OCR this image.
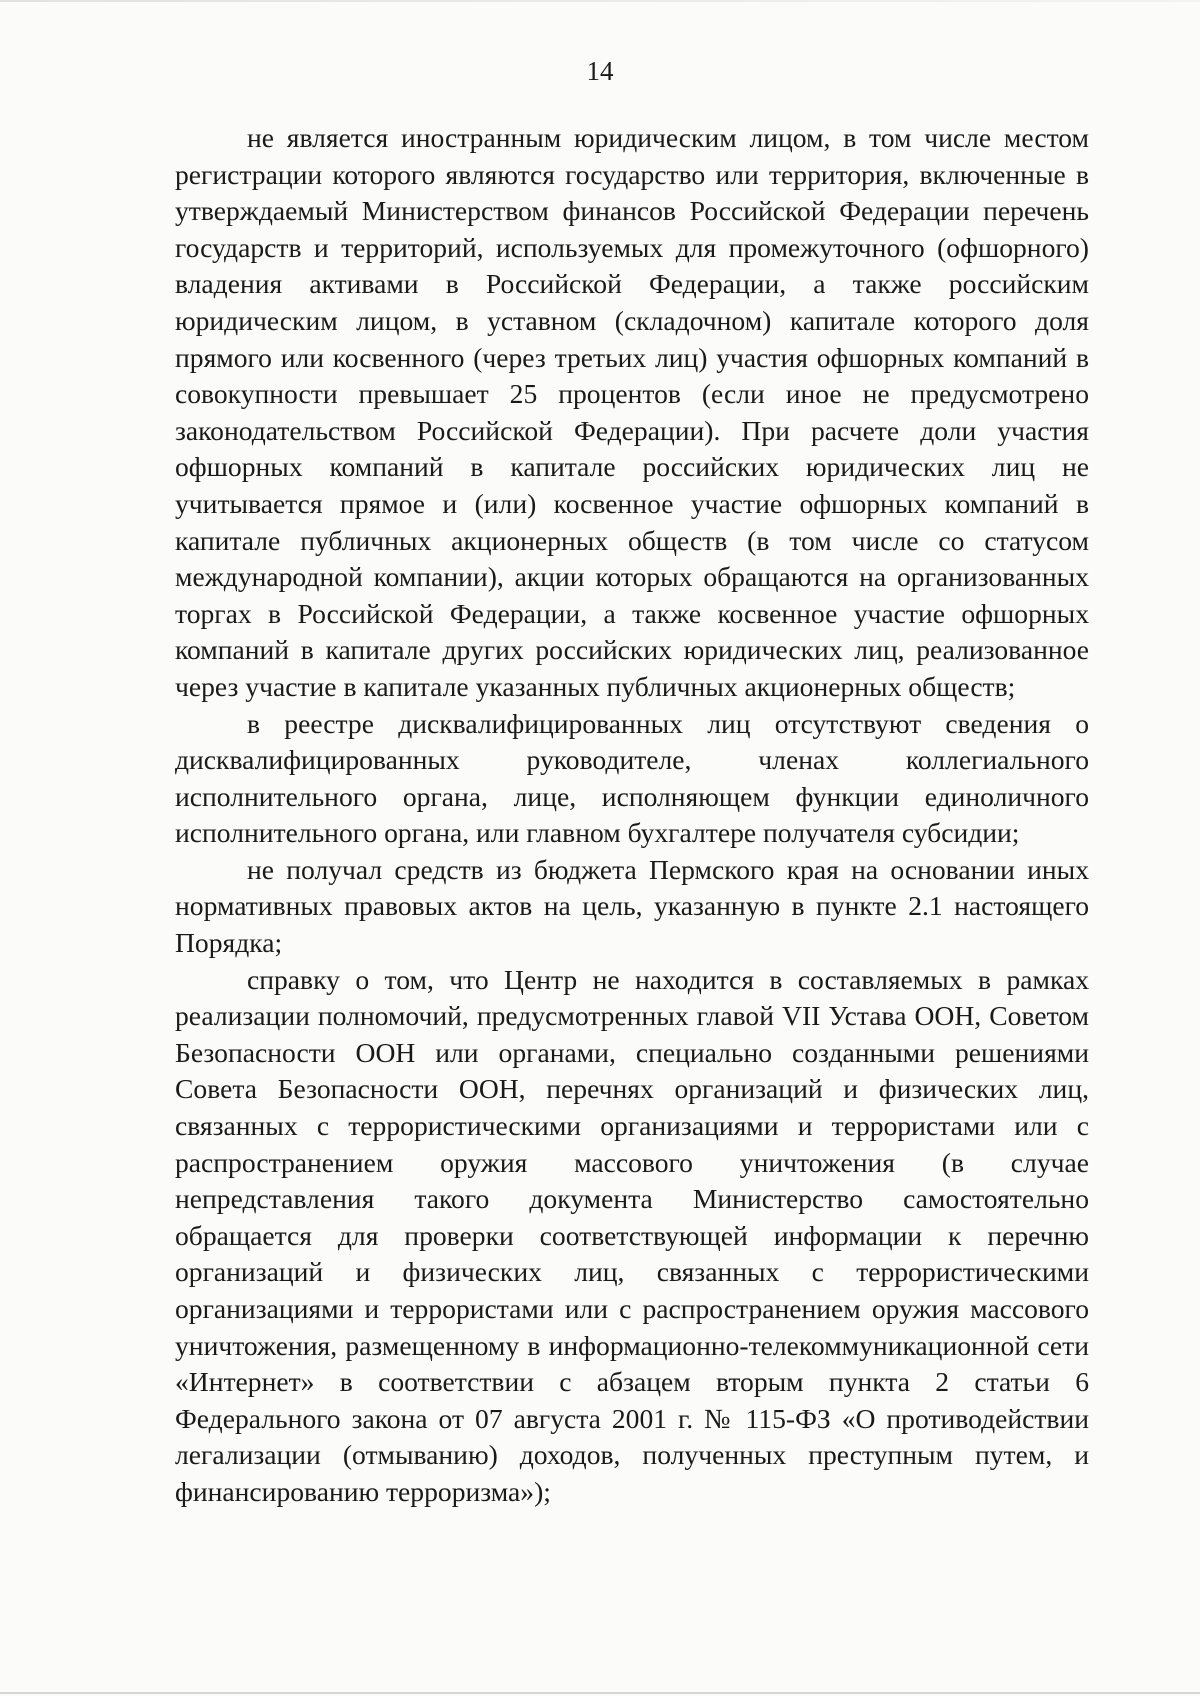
14

не является иностранным юридическим лицом, в том числе местом регистрации которого являются государство или территория, включенные в утверждаемый Министерством финансов Российской Федерации перечень государств и территорий, используемых для промежуточного (офшорного) владения активами в Российской Федерации, а также российским юридическим лицом, в уставном (складочном) капитале которого доля прямого или косвенного (через третьих лиц) участия офшорных компаний в совокупности превышает 25 процентов (если иное не предусмотрено законодательством Российской Федерации). При расчете доли участия офшорных компаний в капитале российских юридических лиц не учитывается прямое и (или) косвенное участие офшорных компаний в капитале публичных акционерных обществ (в том числе со статусом международной компании), акции которых обращаются на организованных торгах в Российской Федерации, а также косвенное участие офшорных компаний в капитале других российских юридических лиц, реализованное через участие в капитале указанных публичных акционерных обществ;

в реестре дисквалифицированных лиц отсутствуют сведения о дисквалифицированных руководителе, членах коллегиального исполнительного органа, лице, исполняющем функции единоличного исполнительного органа, или главном бухгалтере получателя субсидии;

не получал средств из бюджета Пермского края на основании иных нормативных правовых актов на цель, указанную в пункте 2.1 настоящего Порядка;

справку о том, что Центр не находится в составляемых в рамках реализации полномочий, предусмотренных главой VII Устава ООН, Советом Безопасности ООН или органами, специально созданными решениями Совета Безопасности ООН, перечнях организаций и физических лиц, связанных с террористическими организациями и террористами или с распространением оружия массового уничтожения (в случае непредставления такого документа Министерство самостоятельно обращается для проверки соответствующей информации к перечню организаций и физических лиц, связанных с террористическими организациями и террористами или с распространением оружия массового уничтожения, размещенному в информационно-телекоммуникационной сети «Интернет» в соответствии с абзацем вторым пункта 2 статьи 6 Федерального закона от 07 августа 2001 г. № 115-ФЗ «О противодействии легализации (отмыванию) доходов, полученных преступным путем, и финансированию терроризма»);
